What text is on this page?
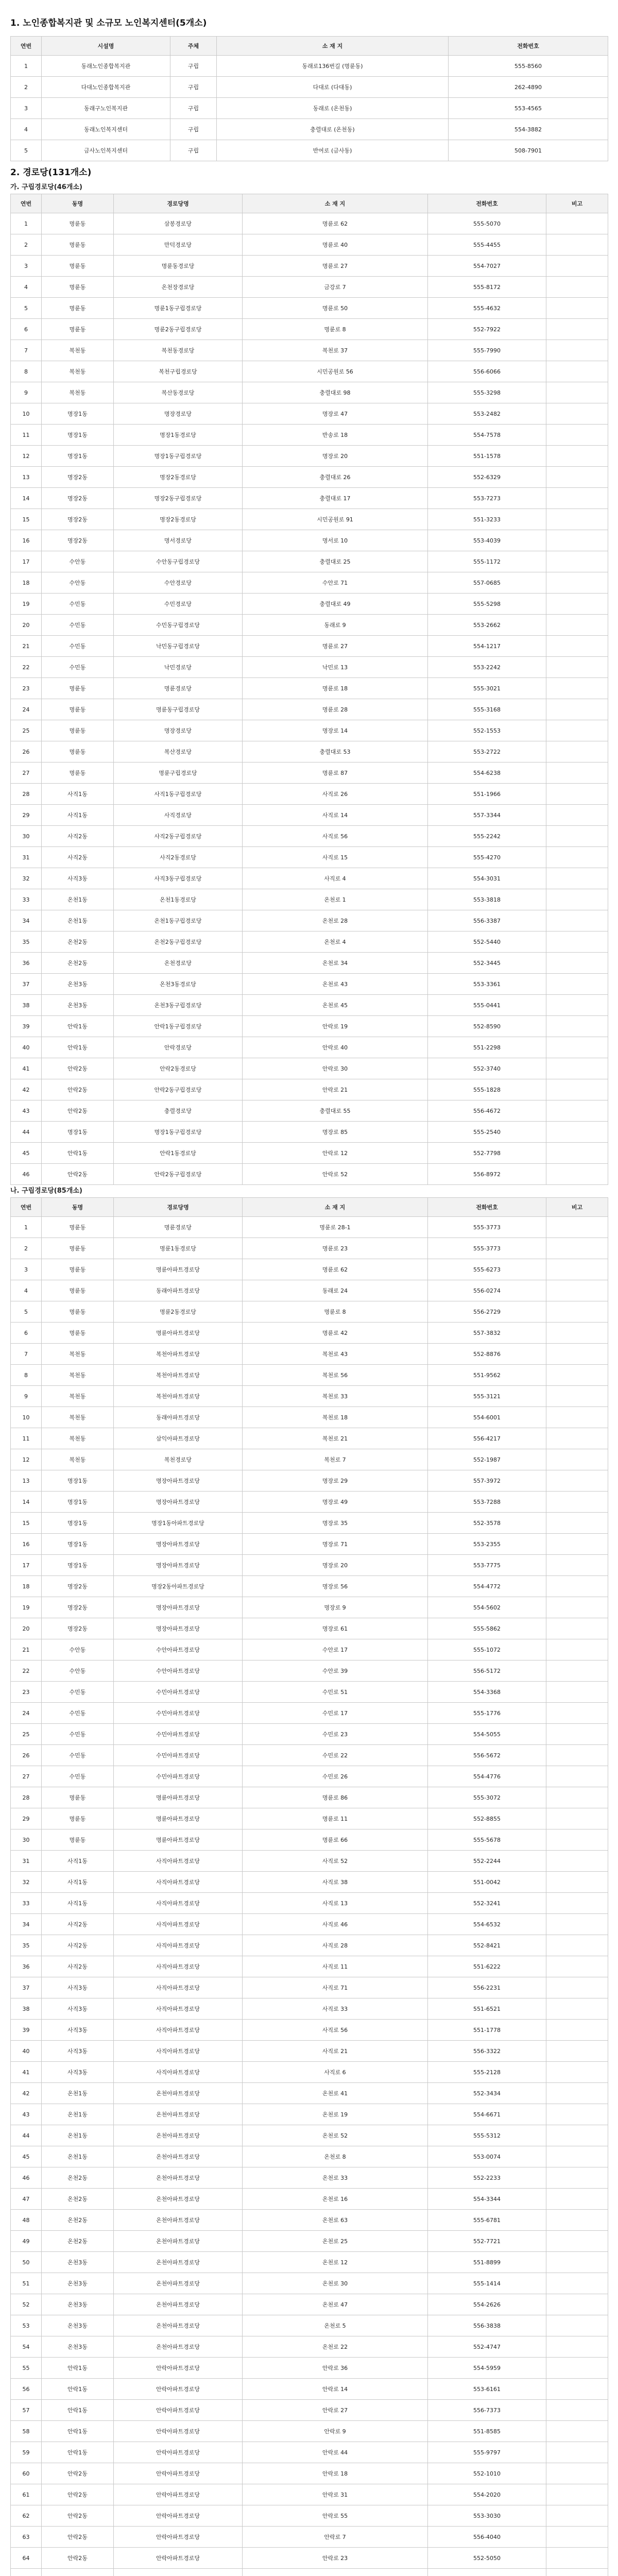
1. 노인종합복지관 및 소규모 노인복지센터(5개소)
연번	시설명	주체	소 재 지	전화번호
1	동래노인종합복지관	구립	동래로136번길 (명륜동)	555-8560
2	다대노인종합복지관	구립	다대로 (다대동)	262-4890
3	동래구노인복지관	구립	동래로 (온천동)	553-4565
4	동래노인복지센터	구립	충렬대로 (온천동)	554-3882
5	금사노인복지센터	구립	반여로 (금사동)	508-7901
2. 경로당(131개소)
가. 구립경로당(46개소)
연번	동명	경로당명	소 재 지	전화번호	비고
1	명륜동	삼봉경로당	명륜로 62	555-5070	
2	명륜동	만덕경로당	명륜로 40	555-4455	
3	명륜동	명륜동경로당	명륜로 27	554-7027	
4	명륜동	온천장경로당	금강로 7	555-8172	
5	명륜동	명륜1동구립경로당	명륜로 50	555-4632	
6	명륜동	명륜2동구립경로당	명륜로 8	552-7922	
7	복천동	복천동경로당	복천로 37	555-7990	
8	복천동	복천구립경로당	시민공원로 56	556-6066	
9	복천동	복산동경로당	충렬대로 98	555-3298	
10	명장1동	명장경로당	명장로 47	553-2482	
11	명장1동	명장1동경로당	반송로 18	554-7578	
12	명장1동	명장1동구립경로당	명장로 20	551-1578	
13	명장2동	명장2동경로당	충렬대로 26	552-6329	
14	명장2동	명장2동구립경로당	충렬대로 17	553-7273	
15	명장2동	명장2동경로당	시민공원로 91	551-3233	
16	명장2동	명서경로당	명서로 10	553-4039	
17	수안동	수안동구립경로당	충렬대로 25	555-1172	
18	수안동	수안경로당	수안로 71	557-0685	
19	수민동	수민경로당	충렬대로 49	555-5298	
20	수민동	수민동구립경로당	동래로 9	553-2662	
21	수민동	낙민동구립경로당	명륜로 27	554-1217	
22	수민동	낙민경로당	낙민로 13	553-2242	
23	명륜동	명륜경로당	명륜로 18	555-3021	
24	명륜동	명륜동구립경로당	명륜로 28	555-3168	
25	명륜동	명장경로당	명장로 14	552-1553	
26	명륜동	복산경로당	충렬대로 53	553-2722	
27	명륜동	명륜구립경로당	명륜로 87	554-6238	
28	사직1동	사직1동구립경로당	사직로 26	551-1966	
29	사직1동	사직경로당	사직로 14	557-3344	
30	사직2동	사직2동구립경로당	사직로 56	555-2242	
31	사직2동	사직2동경로당	사직로 15	555-4270	
32	사직3동	사직3동구립경로당	사직로 4	554-3031	
33	온천1동	온천1동경로당	온천로 1	553-3818	
34	온천1동	온천1동구립경로당	온천로 28	556-3387	
35	온천2동	온천2동구립경로당	온천로 4	552-5440	
36	온천2동	온천경로당	온천로 34	552-3445	
37	온천3동	온천3동경로당	온천로 43	553-3361	
38	온천3동	온천3동구립경로당	온천로 45	555-0441	
39	안락1동	안락1동구립경로당	안락로 19	552-8590	
40	안락1동	안락경로당	안락로 40	551-2298	
41	안락2동	안락2동경로당	안락로 30	552-3740	
42	안락2동	안락2동구립경로당	안락로 21	555-1828	
43	안락2동	충렬경로당	충렬대로 55	556-4672	
44	명장1동	명장1동구립경로당	명장로 85	555-2540	
45	안락1동	안락1동경로당	안락로 12	552-7798	
46	안락2동	안락2동구립경로당	안락로 52	556-8972	
나. 구립경로당(85개소)
연번	동명	경로당명	소 재 지	전화번호	비고
1	명륜동	명륜경로당	명륜로 28-1	555-3773	
2	명륜동	명륜1동경로당	명륜로 23	555-3773	
3	명륜동	명륜아파트경로당	명륜로 62	555-6273	
4	명륜동	동래아파트경로당	동래로 24	556-0274	
5	명륜동	명륜2동경로당	명륜로 8	556-2729	
6	명륜동	명륜아파트경로당	명륜로 42	557-3832	
7	복천동	복천아파트경로당	복천로 43	552-8876	
8	복천동	복천아파트경로당	복천로 56	551-9562	
9	복천동	복천아파트경로당	복천로 33	555-3121	
10	복천동	동래아파트경로당	복천로 18	554-6001	
11	복천동	삼익아파트경로당	복천로 21	556-4217	
12	복천동	복천경로당	복천로 7	552-1987	
13	명장1동	명장아파트경로당	명장로 29	557-3972	
14	명장1동	명장아파트경로당	명장로 49	553-7288	
15	명장1동	명장1동아파트경로당	명장로 35	552-3578	
16	명장1동	명장아파트경로당	명장로 71	553-2355	
17	명장1동	명장아파트경로당	명장로 20	553-7775	
18	명장2동	명장2동아파트경로당	명장로 56	554-4772	
19	명장2동	명장아파트경로당	명장로 9	554-5602	
20	명장2동	명장아파트경로당	명장로 61	555-5862	
21	수안동	수안아파트경로당	수안로 17	555-1072	
22	수안동	수안아파트경로당	수안로 39	556-5172	
23	수민동	수민아파트경로당	수민로 51	554-3368	
24	수민동	수민아파트경로당	수민로 17	555-1776	
25	수민동	수민아파트경로당	수민로 23	554-5055	
26	수민동	수민아파트경로당	수민로 22	556-5672	
27	수민동	수민아파트경로당	수민로 26	554-4776	
28	명륜동	명륜아파트경로당	명륜로 86	555-3072	
29	명륜동	명륜아파트경로당	명륜로 11	552-8855	
30	명륜동	명륜아파트경로당	명륜로 66	555-5678	
31	사직1동	사직아파트경로당	사직로 52	552-2244	
32	사직1동	사직아파트경로당	사직로 38	551-0042	
33	사직1동	사직아파트경로당	사직로 13	552-3241	
34	사직2동	사직아파트경로당	사직로 46	554-6532	
35	사직2동	사직아파트경로당	사직로 28	552-8421	
36	사직2동	사직아파트경로당	사직로 11	551-6222	
37	사직3동	사직아파트경로당	사직로 71	556-2231	
38	사직3동	사직아파트경로당	사직로 33	551-6521	
39	사직3동	사직아파트경로당	사직로 56	551-1778	
40	사직3동	사직아파트경로당	사직로 21	556-3322	
41	사직3동	사직아파트경로당	사직로 6	555-2128	
42	온천1동	온천아파트경로당	온천로 41	552-3434	
43	온천1동	온천아파트경로당	온천로 19	554-6671	
44	온천1동	온천아파트경로당	온천로 52	555-5312	
45	온천1동	온천아파트경로당	온천로 8	553-0074	
46	온천2동	온천아파트경로당	온천로 33	552-2233	
47	온천2동	온천아파트경로당	온천로 16	554-3344	
48	온천2동	온천아파트경로당	온천로 63	555-6781	
49	온천2동	온천아파트경로당	온천로 25	552-7721	
50	온천3동	온천아파트경로당	온천로 12	551-8899	
51	온천3동	온천아파트경로당	온천로 30	555-1414	
52	온천3동	온천아파트경로당	온천로 47	554-2626	
53	온천3동	온천아파트경로당	온천로 5	556-3838	
54	온천3동	온천아파트경로당	온천로 22	552-4747	
55	안락1동	안락아파트경로당	안락로 36	554-5959	
56	안락1동	안락아파트경로당	안락로 14	553-6161	
57	안락1동	안락아파트경로당	안락로 27	556-7373	
58	안락1동	안락아파트경로당	안락로 9	551-8585	
59	안락1동	안락아파트경로당	안락로 44	555-9797	
60	안락2동	안락아파트경로당	안락로 18	552-1010	
61	안락2동	안락아파트경로당	안락로 31	554-2020	
62	안락2동	안락아파트경로당	안락로 55	553-3030	
63	안락2동	안락아파트경로당	안락로 7	556-4040	
64	안락2동	안락아파트경로당	안락로 23	552-5050	
